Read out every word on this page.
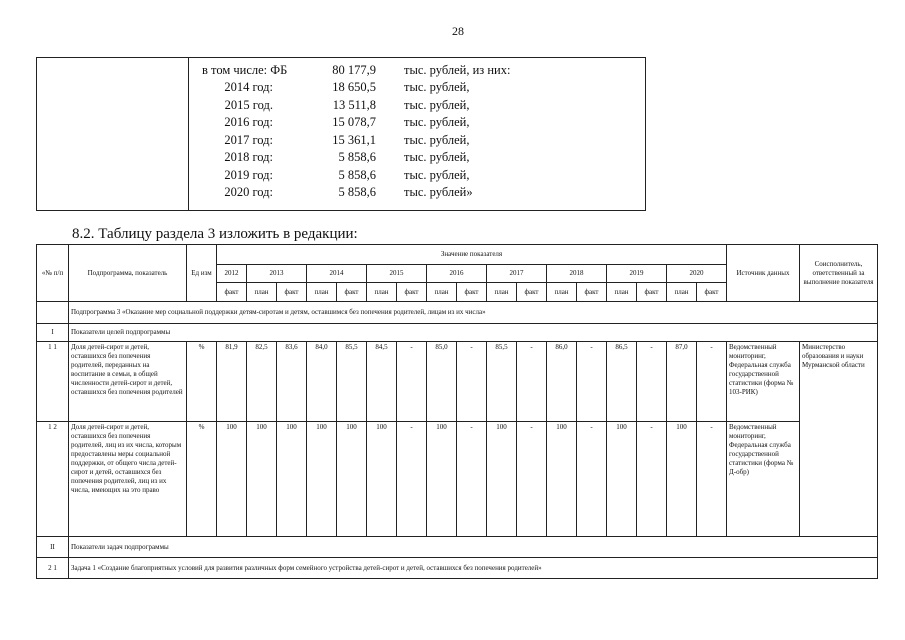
28
в том числе: ФБ	80 177,9 тыс. рублей, из них:
2014 год:	18 650,5 тыс. рублей,
2015 год.	13 511,8 тыс. рублей,
2016 год:	15 078,7 тыс. рублей,
2017 год:	15 361,1 тыс. рублей,
2018 год:	5 858,6 тыс. рублей,
2019 год:	5 858,6 тыс. рублей,
2020 год:	5 858,6 тыс. рублей»
8.2. Таблицу раздела 3 изложить в редакции:
«№ п/п	Подпрограмма, показатель	Ед изм	Значение показателя																	Источник данных	Соисполнитель, ответственный за выполнение показателя
			2012	2013		2014		2015		2016		2017		2018		2019		2020			
			факт	план	факт	план	факт	план	факт	план	факт	план	факт	план	факт	план	факт	план	факт		
	Подпрограмма 3 «Оказание мер социальной поддержки детям-сиротам и детям, оставшимся без попечения родителей, лицам из их числа»																				
I	Показатели целей подпрограммы																				
1 1	Доля детей-сирот и детей, оставшихся без попечения родителей, переданных на воспитание в семьи, в общей численности детей-сирот и детей, оставшихся без попечения родителей	%	81,9	82,5	83,6	84,0	85,5	84,5	-	85,0	-	85,5	-	86,0	-	86,5	-	87,0	-	Ведомственный мониторинг, Федеральная служба государственной статистики (форма № 103-РИК)	Министерство образования и науки Мурманской области
1 2	Доля детей-сирот и детей, оставшихся без попечения родителей, лиц из их числа, которым предоставлены меры социальной поддержки, от общего числа детей-сирот и детей, оставшихся без попечения родителей, лиц из их числа, имеющих на это право	%	100	100	100	100	100	100	-	100	-	100	-	100	-	100	-	100	-	Ведомственный мониторинг, Федеральная служба государственной статистики (форма № Д-обр)	
II	Показатели задач подпрограммы																				
2 1	Задача 1 «Создание благоприятных условий для развития различных форм семейного устройства детей-сирот и детей, оставшихся без попечения родителей»																				
